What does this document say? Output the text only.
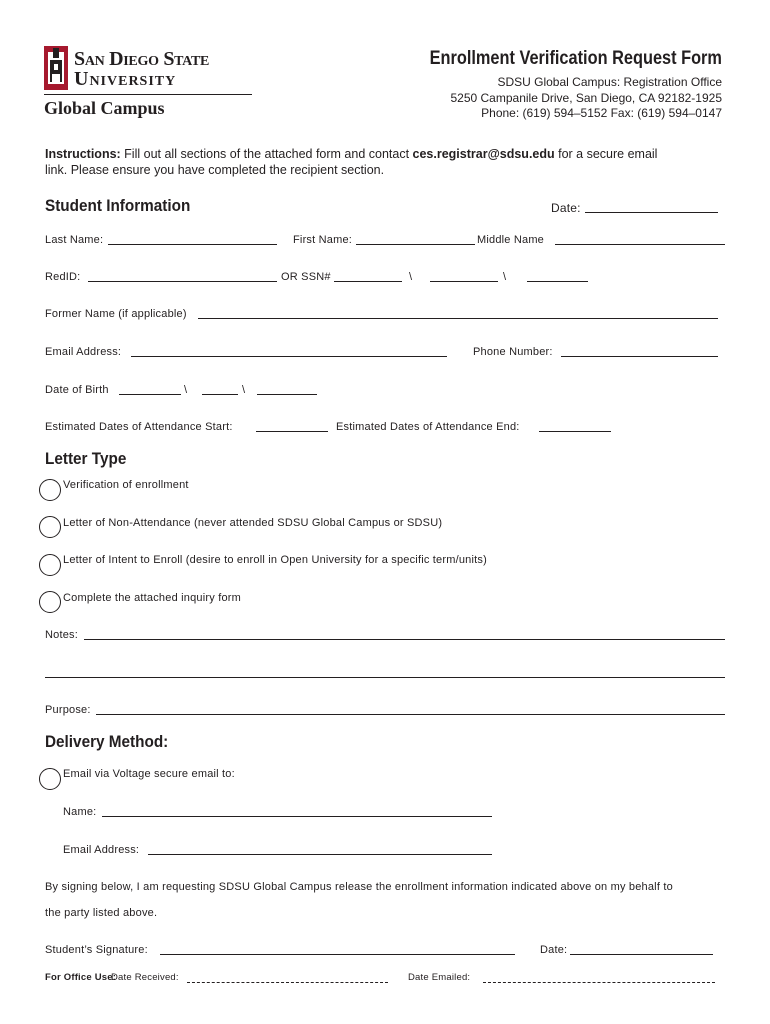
San Diego State
University
Global Campus
Enrollment Verification Request Form
SDSU Global Campus: Registration Office
5250 Campanile Drive, San Diego, CA 92182-1925
Phone: (619) 594–5152 Fax: (619) 594–0147
Instructions: Fill out all sections of the attached form and contact ces.registrar@sdsu.edu for a secure email
link. Please ensure you have completed the recipient section.
Student Information	Date:
Last Name:	First Name:	Middle Name
RedID:	OR SSN#	\	\
Former Name (if applicable)
Email Address:	Phone Number:
Date of Birth	\	\
Estimated Dates of Attendance Start:	Estimated Dates of Attendance End:
Letter Type
Verification of enrollment
Letter of Non-Attendance (never attended SDSU Global Campus or SDSU)
Letter of Intent to Enroll (desire to enroll in Open University for a specific term/units)
Complete the attached inquiry form
Notes:
Purpose:
Delivery Method:
Email via Voltage secure email to:
Name:
Email Address:
By signing below, I am requesting SDSU Global Campus release the enrollment information indicated above on my behalf to
the party listed above.
Student’s Signature:	Date:
For Office Use:
Date Received:	Date Emailed:
